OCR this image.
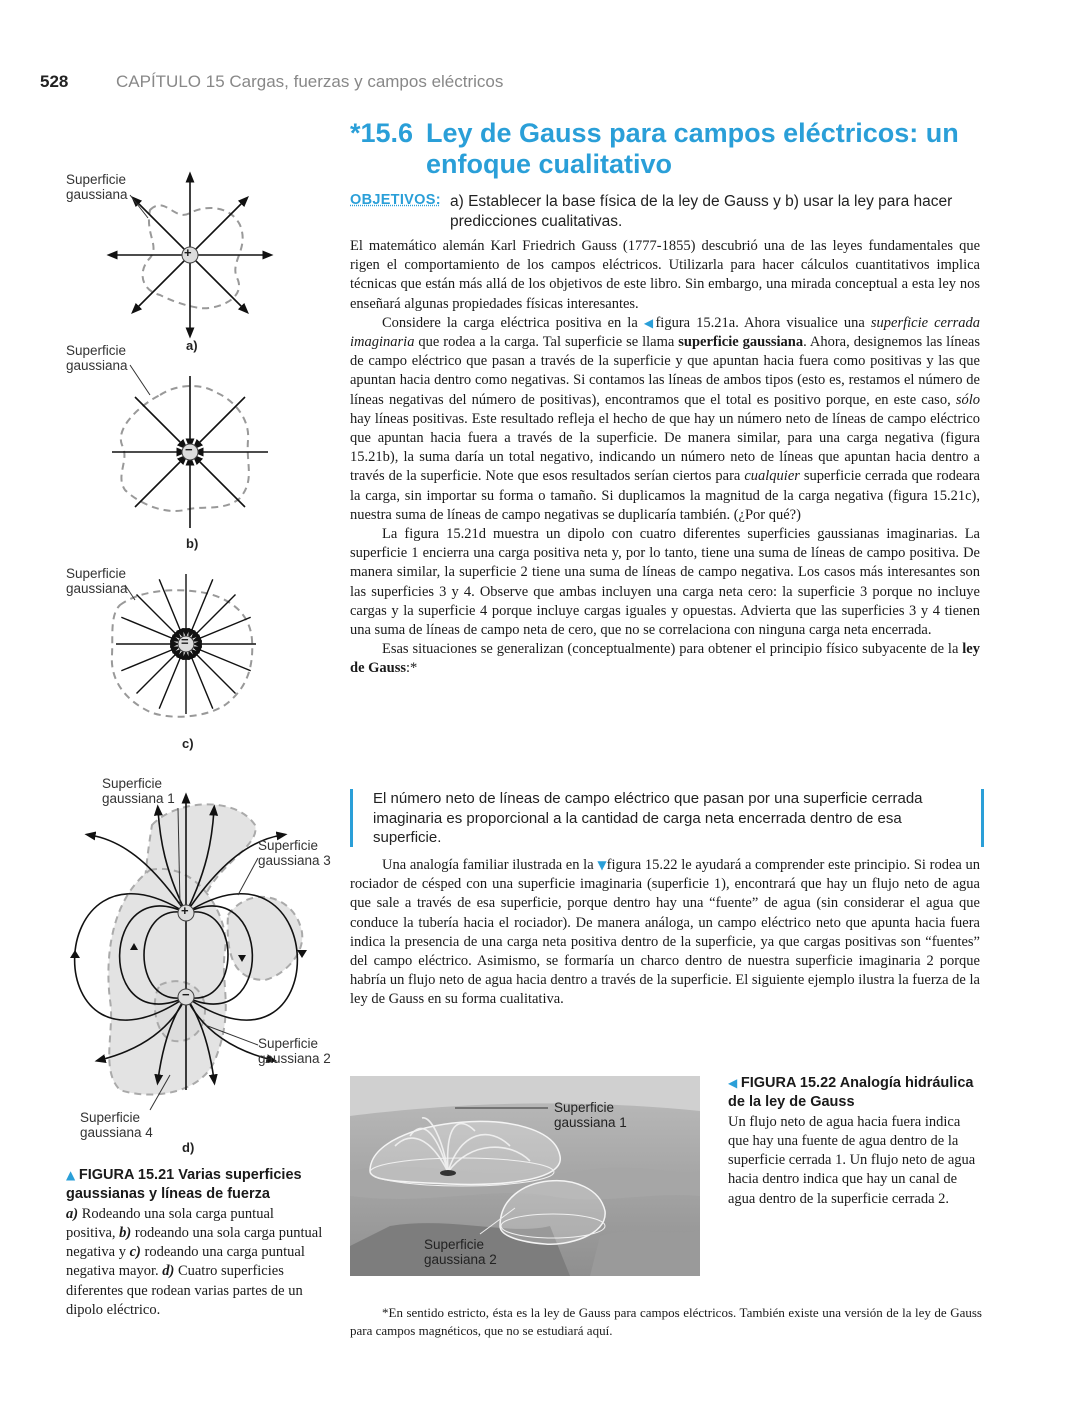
528	CAPÍTULO 15 Cargas, fuerzas y campos eléctricos
*15.6 Ley de Gauss para campos eléctricos: un enfoque cualitativo
OBJETIVOS: a) Establecer la base física de la ley de Gauss y b) usar la ley para hacer predicciones cualitativas.

El matemático alemán Karl Friedrich Gauss (1777-1855) descubrió una de las leyes fundamentales que rigen el comportamiento de los campos eléctricos. Utilizarla para hacer cálculos cuantitativos implica técnicas que están más allá de los objetivos de este libro. Sin embargo, una mirada conceptual a esta ley nos enseñará algunas propiedades físicas interesantes.

Considere la carga eléctrica positiva en la ◀figura 15.21a. Ahora visualice una superficie cerrada imaginaria que rodea a la carga. Tal superficie se llama superficie gaussiana. Ahora, designemos las líneas de campo eléctrico que pasan a través de la superficie y que apuntan hacia fuera como positivas y las que apuntan hacia dentro como negativas. Si contamos las líneas de ambos tipos (esto es, restamos el número de líneas negativas del número de positivas), encontramos que el total es positivo porque, en este caso, sólo hay líneas positivas. Este resultado refleja el hecho de que hay un número neto de líneas de campo eléctrico que apuntan hacia fuera a través de la superficie. De manera similar, para una carga negativa (figura 15.21b), la suma daría un total negativo, indicando un número neto de líneas que apuntan hacia dentro a través de la superficie. Note que esos resultados serían ciertos para cualquier superficie cerrada que rodeara la carga, sin importar su forma o tamaño. Si duplicamos la magnitud de la carga negativa (figura 15.21c), nuestra suma de líneas de campo negativas se duplicaría también. (¿Por qué?)

La figura 15.21d muestra un dipolo con cuatro diferentes superficies gaussianas imaginarias. La superficie 1 encierra una carga positiva neta y, por lo tanto, tiene una suma de líneas de campo positiva. De manera similar, la superficie 2 tiene una suma de líneas de campo negativa. Los casos más interesantes son las superficies 3 y 4. Observe que ambas incluyen una carga neta cero: la superficie 3 porque no incluye cargas y la superficie 4 porque incluye cargas iguales y opuestas. Advierta que las superficies 3 y 4 tienen una suma de líneas de campo neta de cero, que no se correlaciona con ninguna carga neta encerrada.

Esas situaciones se generalizan (conceptualmente) para obtener el principio físico subyacente de la ley de Gauss:*

El número neto de líneas de campo eléctrico que pasan por una superficie cerrada imaginaria es proporcional a la cantidad de carga neta encerrada dentro de esa superficie.

Una analogía familiar ilustrada en la ▼figura 15.22 le ayudará a comprender este principio. Si rodea un rociador de césped con una superficie imaginaria (superficie 1), encontrará que hay un flujo neto de agua que sale a través de esa superficie, porque dentro hay una “fuente” de agua (sin considerar el agua que conduce la tubería hacia el rociador). De manera análoga, un campo eléctrico neto que apunta hacia fuera indica la presencia de una carga neta positiva dentro de la superficie, ya que cargas positivas son “fuentes” del campo eléctrico. Asimismo, se formaría un charco dentro de nuestra superficie imaginaria 2 porque habría un flujo neto de agua hacia dentro a través de la superficie. El siguiente ejemplo ilustra la fuerza de la ley de Gauss en su forma cualitativa.

+
−
=
+
−
Superficie
gaussiana
a)
Superficie
gaussiana
b)
Superficie
gaussiana
c)
Superficie
gaussiana 1
Superficie
gaussiana 3
Superficie
gaussiana 2
Superficie
gaussiana 4
d)
▲ FIGURA 15.21 Varias superficies gaussianas y líneas de fuerza
a) Rodeando una sola carga puntual positiva, b) rodeando una sola carga puntual negativa y c) rodeando una carga puntual negativa mayor. d) Cuatro superficies diferentes que rodean varias partes de un dipolo eléctrico.
Superficie
gaussiana 1
Superficie
gaussiana 2
◀ FIGURA 15.22 Analogía hidráulica de la ley de Gauss
Un flujo neto de agua hacia fuera indica que hay una fuente de agua dentro de la superficie cerrada 1. Un flujo neto de agua hacia dentro indica que hay un canal de agua dentro de la superficie cerrada 2.

*En sentido estricto, ésta es la ley de Gauss para campos eléctricos. También existe una versión de la ley de Gauss para campos magnéticos, que no se estudiará aquí.
